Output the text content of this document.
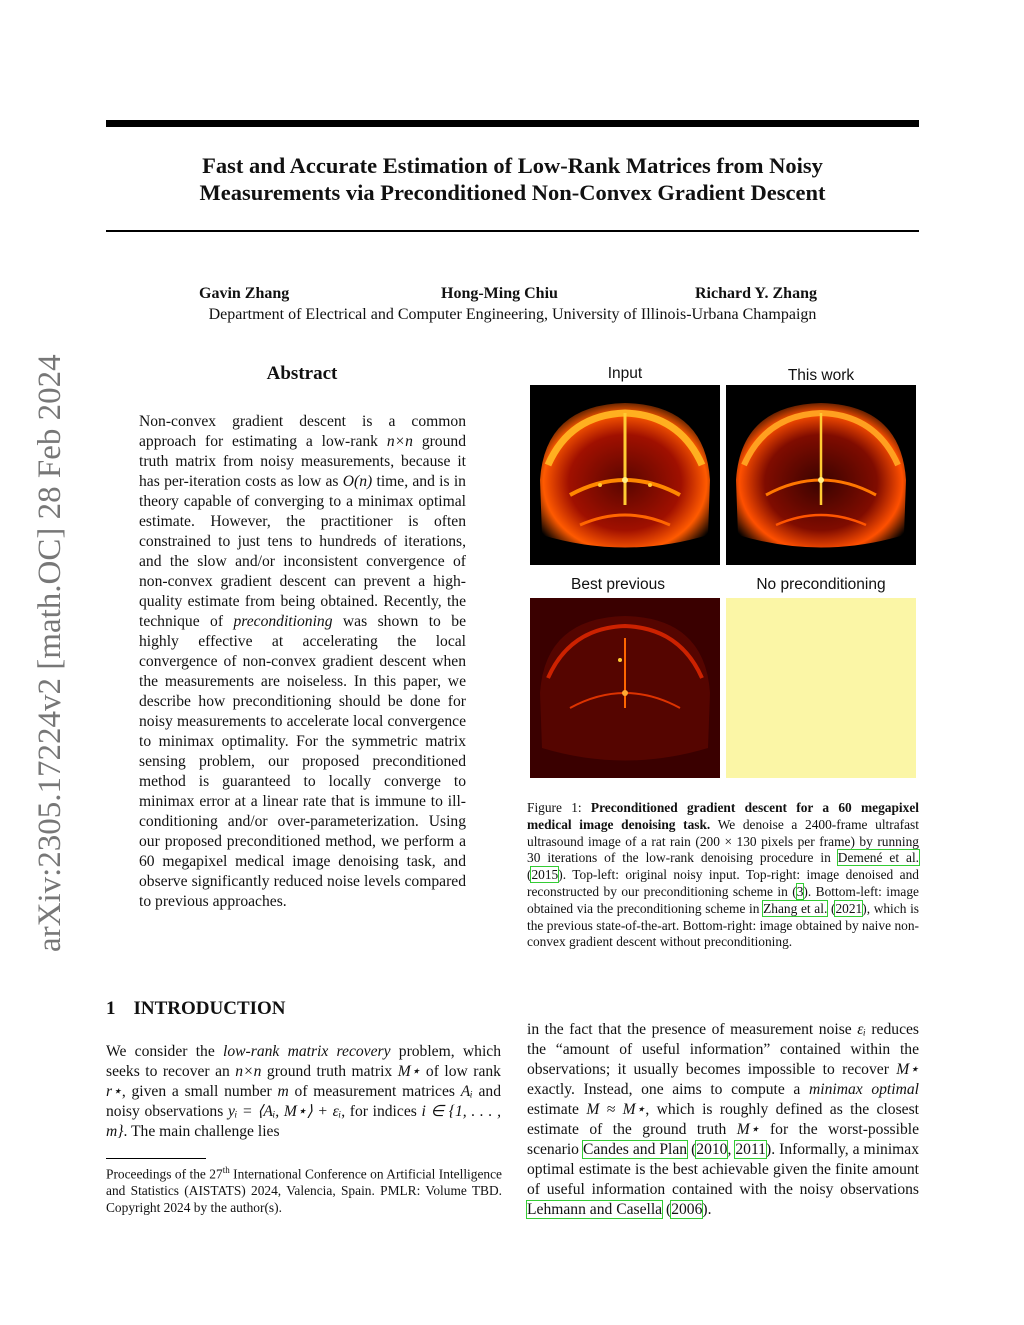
Fast and Accurate Estimation of Low-Rank Matrices from Noisy
Measurements via Preconditioned Non-Convex Gradient Descent
arXiv:2305.17224v2 [math.OC] 28 Feb 2024
Gavin Zhang	Hong-Ming Chiu	Richard Y. Zhang
Department of Electrical and Computer Engineering, University of Illinois-Urbana Champaign
Abstract
Non-convex gradient descent is a common approach for estimating a low-rank n×n ground truth matrix from noisy measurements, because it has per-iteration costs as low as O(n) time, and is in theory capable of converging to a minimax optimal estimate. However, the practitioner is often constrained to just tens to hundreds of iterations, and the slow and/or inconsistent convergence of non-convex gradient descent can prevent a high-quality estimate from being obtained. Recently, the technique of preconditioning was shown to be highly effective at accelerating the local convergence of non-convex gradient descent when the measurements are noiseless. In this paper, we describe how preconditioning should be done for noisy measurements to accelerate local convergence to minimax optimality. For the symmetric matrix sensing problem, our proposed preconditioned method is guaranteed to locally converge to minimax error at a linear rate that is immune to ill-conditioning and/or over-parameterization. Using our proposed preconditioned method, we perform a 60 megapixel medical image denoising task, and observe significantly reduced noise levels compared to previous approaches.
Input	This work
Best previous	No preconditioning
Figure 1: Preconditioned gradient descent for a 60 megapixel medical image denoising task. We denoise a 2400-frame ultrafast ultrasound image of a rat rain (200 × 130 pixels per frame) by running 30 iterations of the low-rank denoising procedure in Demené et al. (2015). Top-left: original noisy input. Top-right: image denoised and reconstructed by our preconditioning scheme in (3). Bottom-left: image obtained via the preconditioning scheme in Zhang et al. (2021), which is the previous state-of-the-art. Bottom-right: image obtained by naive non-convex gradient descent without preconditioning.
1 INTRODUCTION
We consider the low-rank matrix recovery problem, which seeks to recover an n×n ground truth matrix M⋆ of low rank r⋆, given a small number m of measurement matrices Aᵢ and noisy observations yᵢ = ⟨Aᵢ, M⋆⟩ + εᵢ, for indices i ∈ {1, . . . , m}. The main challenge lies
Proceedings of the 27th International Conference on Artificial Intelligence and Statistics (AISTATS) 2024, Valencia, Spain. PMLR: Volume TBD. Copyright 2024 by the author(s).
in the fact that the presence of measurement noise εᵢ reduces the “amount of useful information” contained within the observations; it usually becomes impossible to recover M⋆ exactly. Instead, one aims to compute a minimax optimal estimate M ≈ M⋆, which is roughly defined as the closest estimate of the ground truth M⋆ for the worst-possible scenario Candes and Plan (2010, 2011). Informally, a minimax optimal estimate is the best achievable given the finite amount of useful information contained with the noisy observations Lehmann and Casella (2006).
